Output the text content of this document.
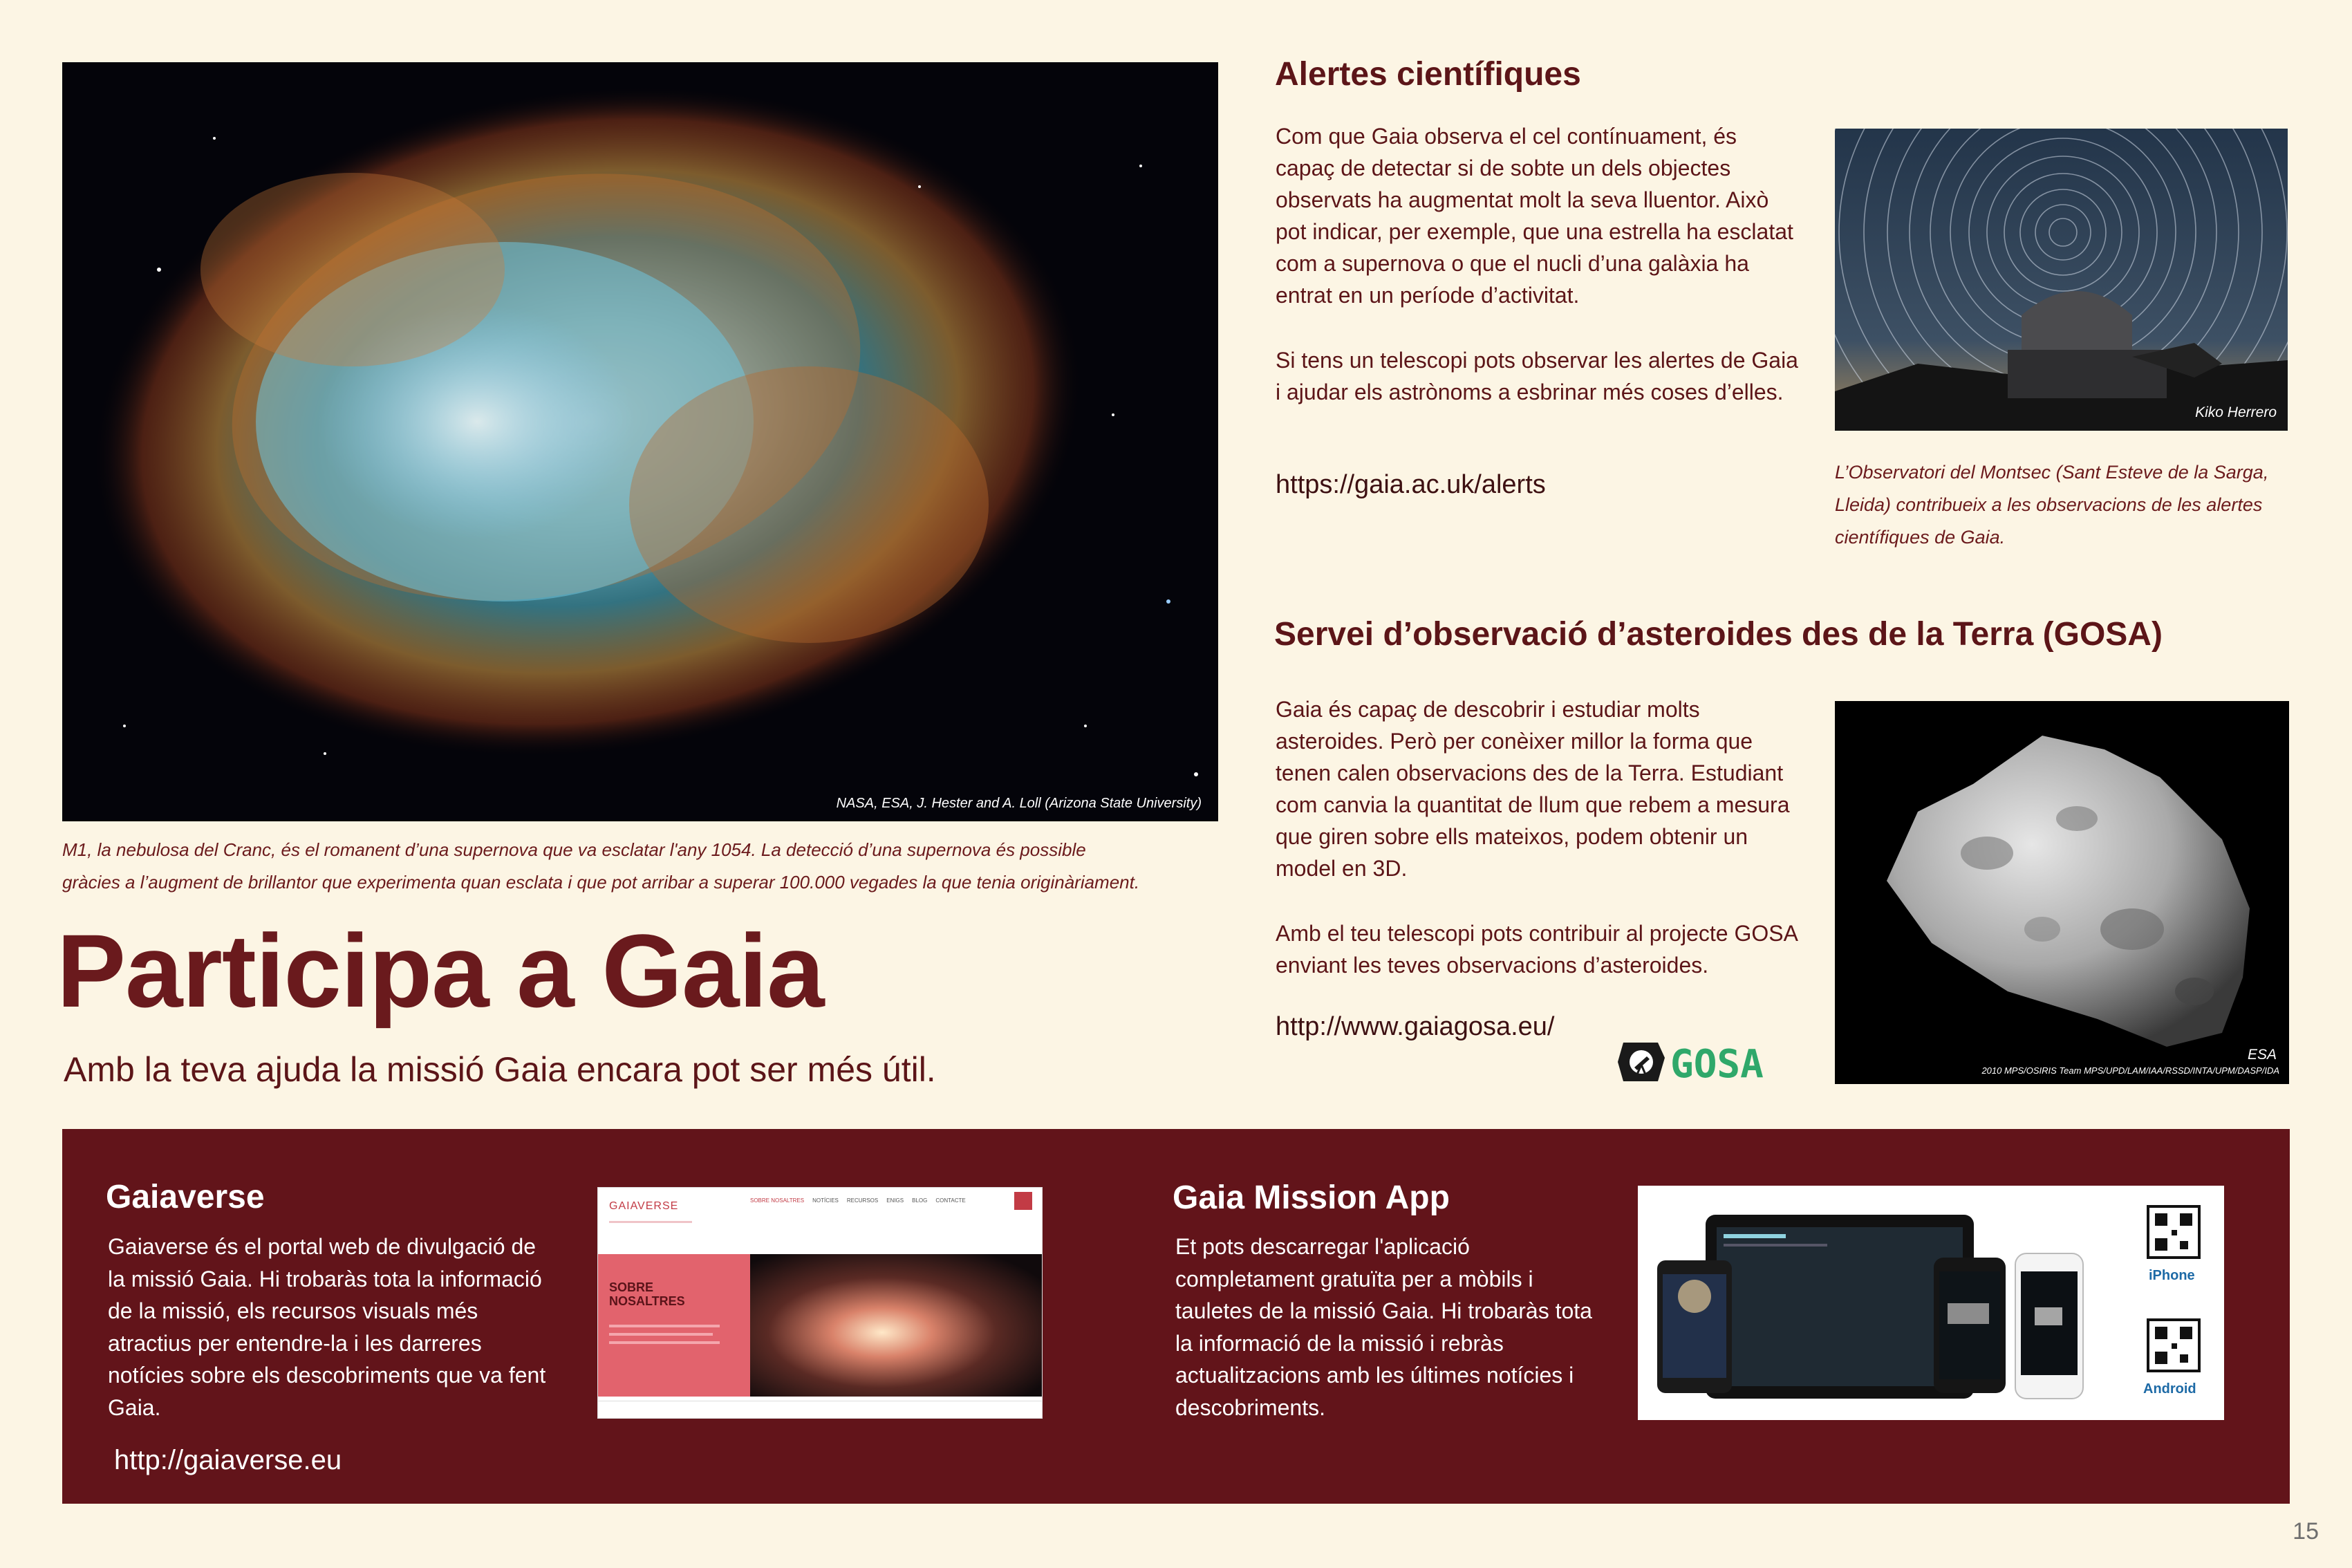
NASA, ESA, J. Hester and A. Loll (Arizona State University)
M1, la nebulosa del Cranc, és el romanent d’una supernova que va esclatar l'any 1054. La detecció d’una supernova és possible
gràcies a l’augment de brillantor que experimenta quan esclata i que pot arribar a superar 100.000 vegades la que tenia originàriament.
Participa a Gaia
Amb la teva ajuda la missió Gaia encara pot ser més útil.
Alertes científiques
Com que Gaia observa el cel contínuament, és capaç de detectar si de sobte un dels objectes observats ha augmentat molt la seva lluentor. Això pot indicar, per exemple, que una estrella ha esclatat com a supernova o que el nucli d’una galàxia ha entrat en un període d’activitat.
Si tens un telescopi pots observar les alertes de Gaia i ajudar els astrònoms a esbrinar més coses d’elles.
https://gaia.ac.uk/alerts
Kiko Herrero
L’Observatori del Montsec (Sant Esteve de la Sarga, Lleida) contribueix a les observacions de les alertes científiques de Gaia.
Servei d’observació d’asteroides des de la Terra (GOSA)
Gaia és capaç de descobrir i estudiar molts asteroides. Però per conèixer millor la forma que tenen calen observacions des de la Terra. Estudiant com canvia la quantitat de llum que rebem a mesura que giren sobre ells mateixos, podem obtenir un model en 3D.
Amb el teu telescopi pots contribuir al projecte GOSA enviant les teves observacions d’asteroides.
http://www.gaiagosa.eu/
GOSA	ESA
2010 MPS/OSIRIS Team MPS/UPD/LAM/IAA/RSSD/INTA/UPM/DASP/IDA
Gaiaverse
Gaiaverse és el portal web de divulgació de la missió Gaia. Hi trobaràs tota la informació de la missió, els recursos visuals més atractius per entendre-la i les darreres notícies sobre els descobriments que va fent Gaia.
http://gaiaverse.eu
GAIAVERSE	SOBRE NOSALTRES NOTÍCIES RECURSOS ENIGS BLOG CONTACTE
SOBRE NOSALTRES
Gaia Mission App
Et pots descarregar l'aplicació completament gratuïta per a mòbils i tauletes de la missió Gaia. Hi trobaràs tota la informació de la missió i rebràs actualitzacions amb les últimes notícies i descobriments.
iPhone
Android
15
